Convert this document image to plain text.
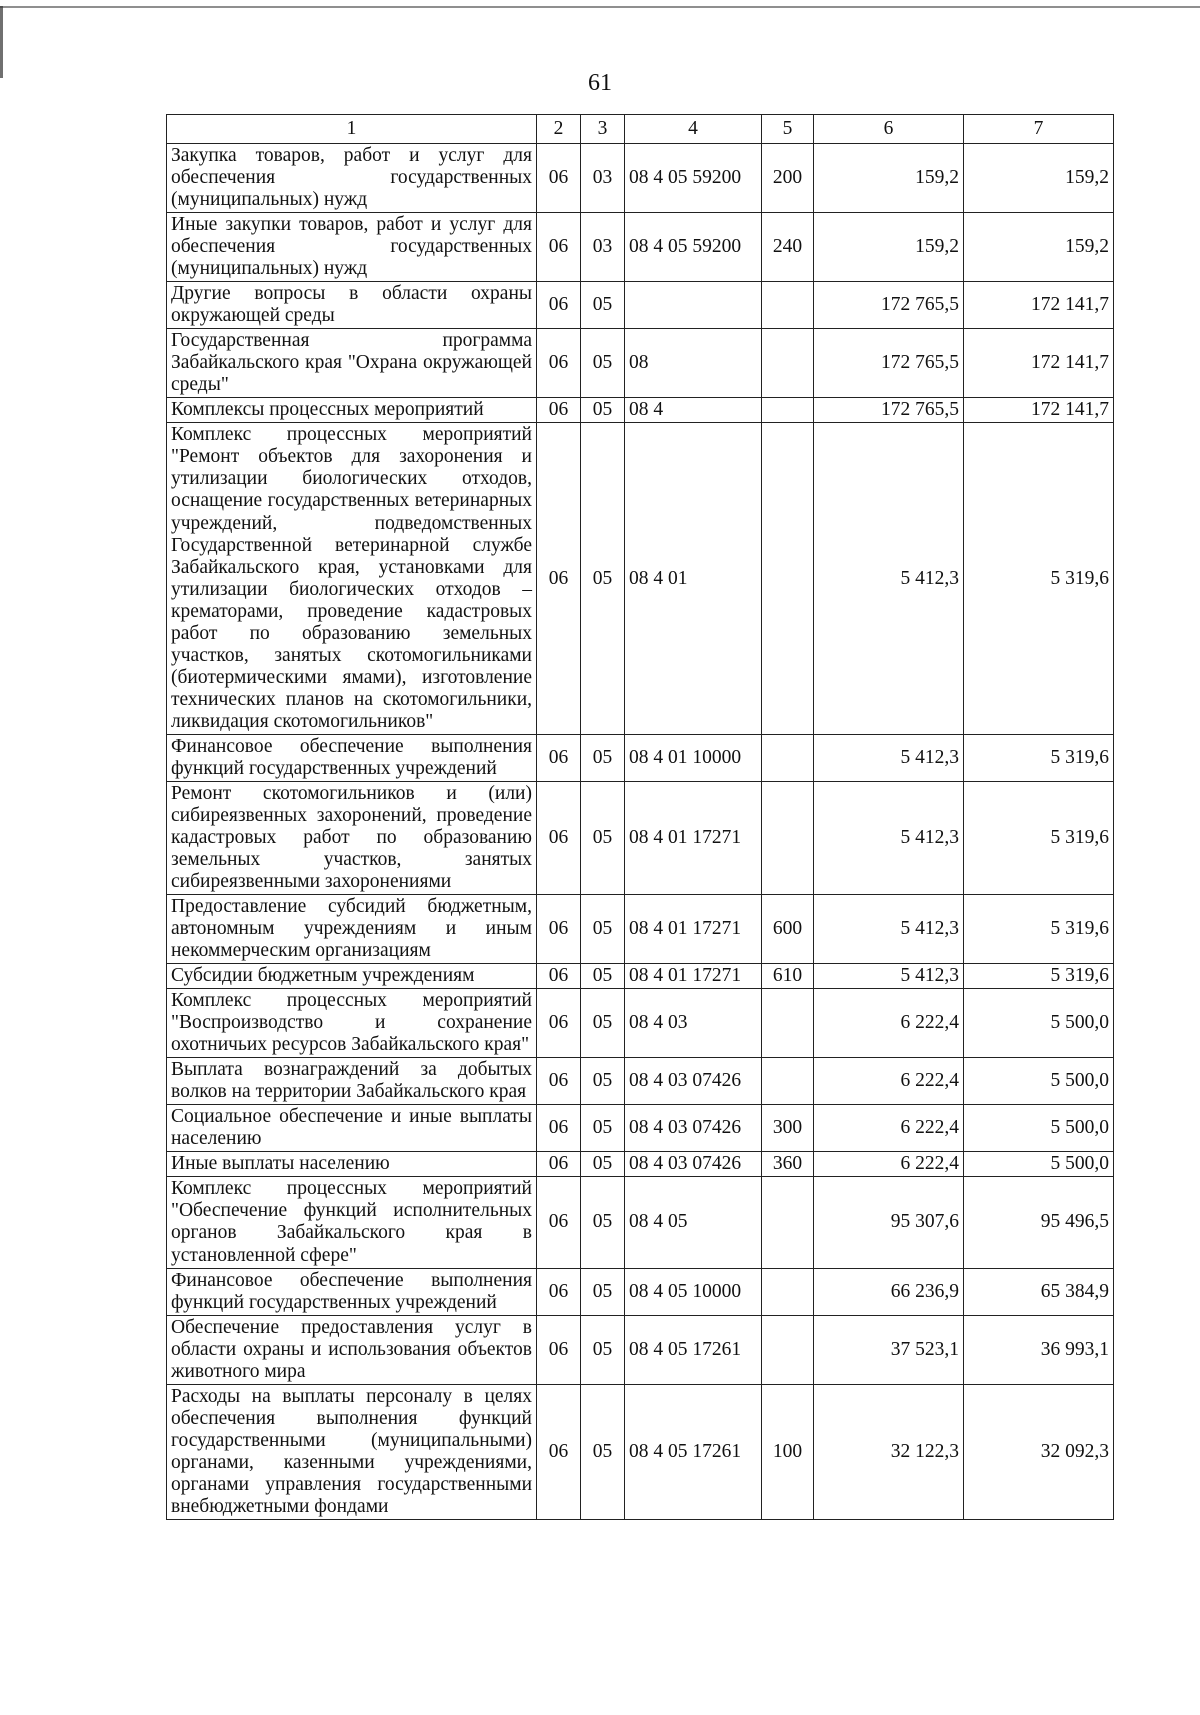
61
1	2	3	4	5	6	7
Закупка товаров, работ и услуг для обеспечения государственных (муниципальных) нужд	06	03	08 4 05 59200	200	159,2	159,2
Иные закупки товаров, работ и услуг для обеспечения государственных (муниципальных) нужд	06	03	08 4 05 59200	240	159,2	159,2
Другие вопросы в области охраны окружающей среды	06	05			172 765,5	172 141,7
Государственная программа Забайкальского края "Охрана окружающей среды"	06	05	08		172 765,5	172 141,7
Комплексы процессных мероприятий	06	05	08 4		172 765,5	172 141,7
Комплекс процессных мероприятий "Ремонт объектов для захоронения и утилизации биологических отходов, оснащение государственных ветеринарных учреждений, подведомственных Государственной ветеринарной службе Забайкальского края, установками для утилизации биологических отходов – крематорами, проведение кадастровых работ по образованию земельных участков, занятых скотомогильниками (биотермическими ямами), изготовление технических планов на скотомогильники, ликвидация скотомогильников"	06	05	08 4 01		5 412,3	5 319,6
Финансовое обеспечение выполнения функций государственных учреждений	06	05	08 4 01 10000		5 412,3	5 319,6
Ремонт скотомогильников и (или) сибиреязвенных захоронений, проведение кадастровых работ по образованию земельных участков, занятых сибиреязвенными захоронениями	06	05	08 4 01 17271		5 412,3	5 319,6
Предоставление субсидий бюджетным, автономным учреждениям и иным некоммерческим организациям	06	05	08 4 01 17271	600	5 412,3	5 319,6
Субсидии бюджетным учреждениям	06	05	08 4 01 17271	610	5 412,3	5 319,6
Комплекс процессных мероприятий "Воспроизводство и сохранение охотничьих ресурсов Забайкальского края"	06	05	08 4 03		6 222,4	5 500,0
Выплата вознаграждений за добытых волков на территории Забайкальского края	06	05	08 4 03 07426		6 222,4	5 500,0
Социальное обеспечение и иные выплаты населению	06	05	08 4 03 07426	300	6 222,4	5 500,0
Иные выплаты населению	06	05	08 4 03 07426	360	6 222,4	5 500,0
Комплекс процессных мероприятий "Обеспечение функций исполнительных органов Забайкальского края в установленной сфере"	06	05	08 4 05		95 307,6	95 496,5
Финансовое обеспечение выполнения функций государственных учреждений	06	05	08 4 05 10000		66 236,9	65 384,9
Обеспечение предоставления услуг в области охраны и использования объектов животного мира	06	05	08 4 05 17261		37 523,1	36 993,1
Расходы на выплаты персоналу в целях обеспечения выполнения функций государственными (муниципальными) органами, казенными учреждениями, органами управления государственными внебюджетными фондами	06	05	08 4 05 17261	100	32 122,3	32 092,3
